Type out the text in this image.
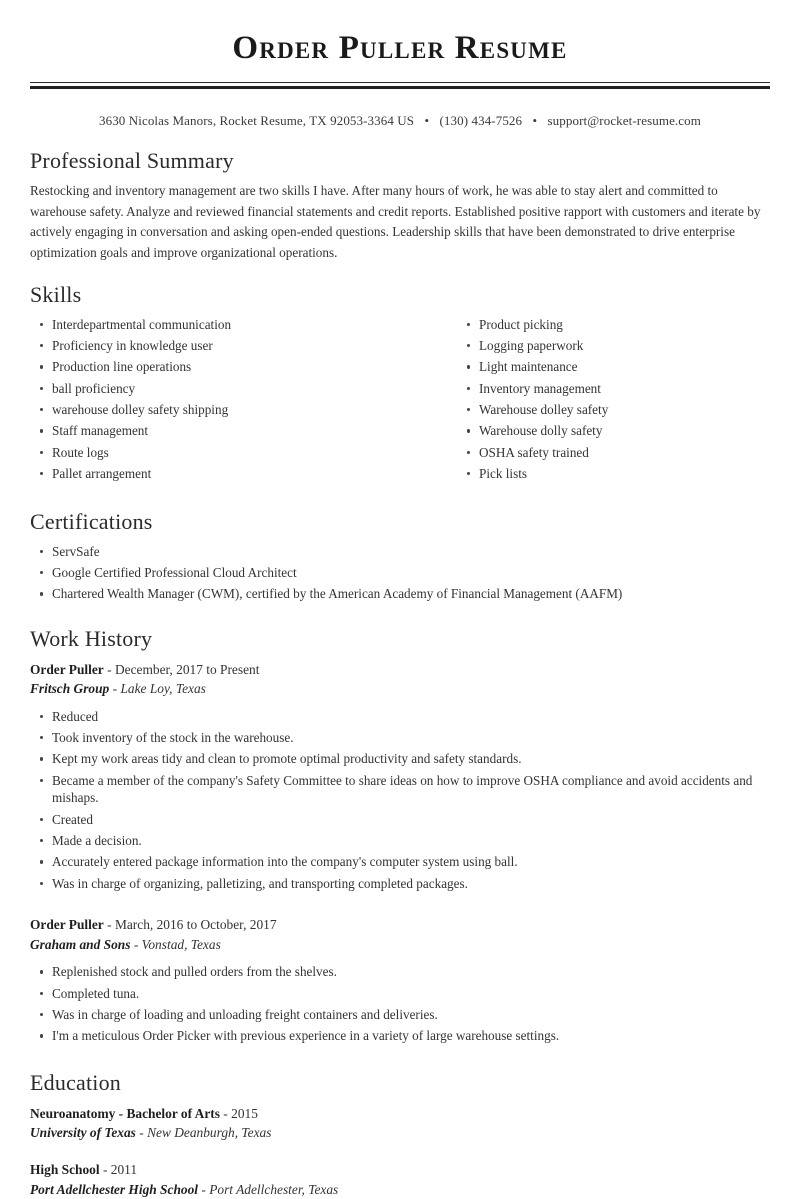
Order Puller Resume
3630 Nicolas Manors, Rocket Resume, TX 92053-3364 US • (130) 434-7526 • support@rocket-resume.com
Professional Summary

Restocking and inventory management are two skills I have. After many hours of work, he was able to stay alert and committed to warehouse safety. Analyze and reviewed financial statements and credit reports. Established positive rapport with customers and iterate by actively engaging in conversation and asking open-ended questions. Leadership skills that have been demonstrated to drive enterprise optimization goals and improve organizational operations.

Skills
Interdepartmental communication
Proficiency in knowledge user
Production line operations
ball proficiency
warehouse dolley safety shipping
Staff management
Route logs
Pallet arrangement
Product picking
Logging paperwork
Light maintenance
Inventory management
Warehouse dolley safety
Warehouse dolly safety
OSHA safety trained
Pick lists
Certifications
ServSafe
Google Certified Professional Cloud Architect
Chartered Wealth Manager (CWM), certified by the American Academy of Financial Management (AAFM)
Work History
Order Puller - December, 2017 to Present
Fritsch Group - Lake Loy, Texas
Reduced
Took inventory of the stock in the warehouse.
Kept my work areas tidy and clean to promote optimal productivity and safety standards.
Became a member of the company's Safety Committee to share ideas on how to improve OSHA compliance and avoid accidents and mishaps.
Created
Made a decision.
Accurately entered package information into the company's computer system using ball.
Was in charge of organizing, palletizing, and transporting completed packages.
Order Puller - March, 2016 to October, 2017
Graham and Sons - Vonstad, Texas
Replenished stock and pulled orders from the shelves.
Completed tuna.
Was in charge of loading and unloading freight containers and deliveries.
I'm a meticulous Order Picker with previous experience in a variety of large warehouse settings.
Education
Neuroanatomy - Bachelor of Arts - 2015
University of Texas - New Deanburgh, Texas
High School - 2011
Port Adellchester High School - Port Adellchester, Texas
